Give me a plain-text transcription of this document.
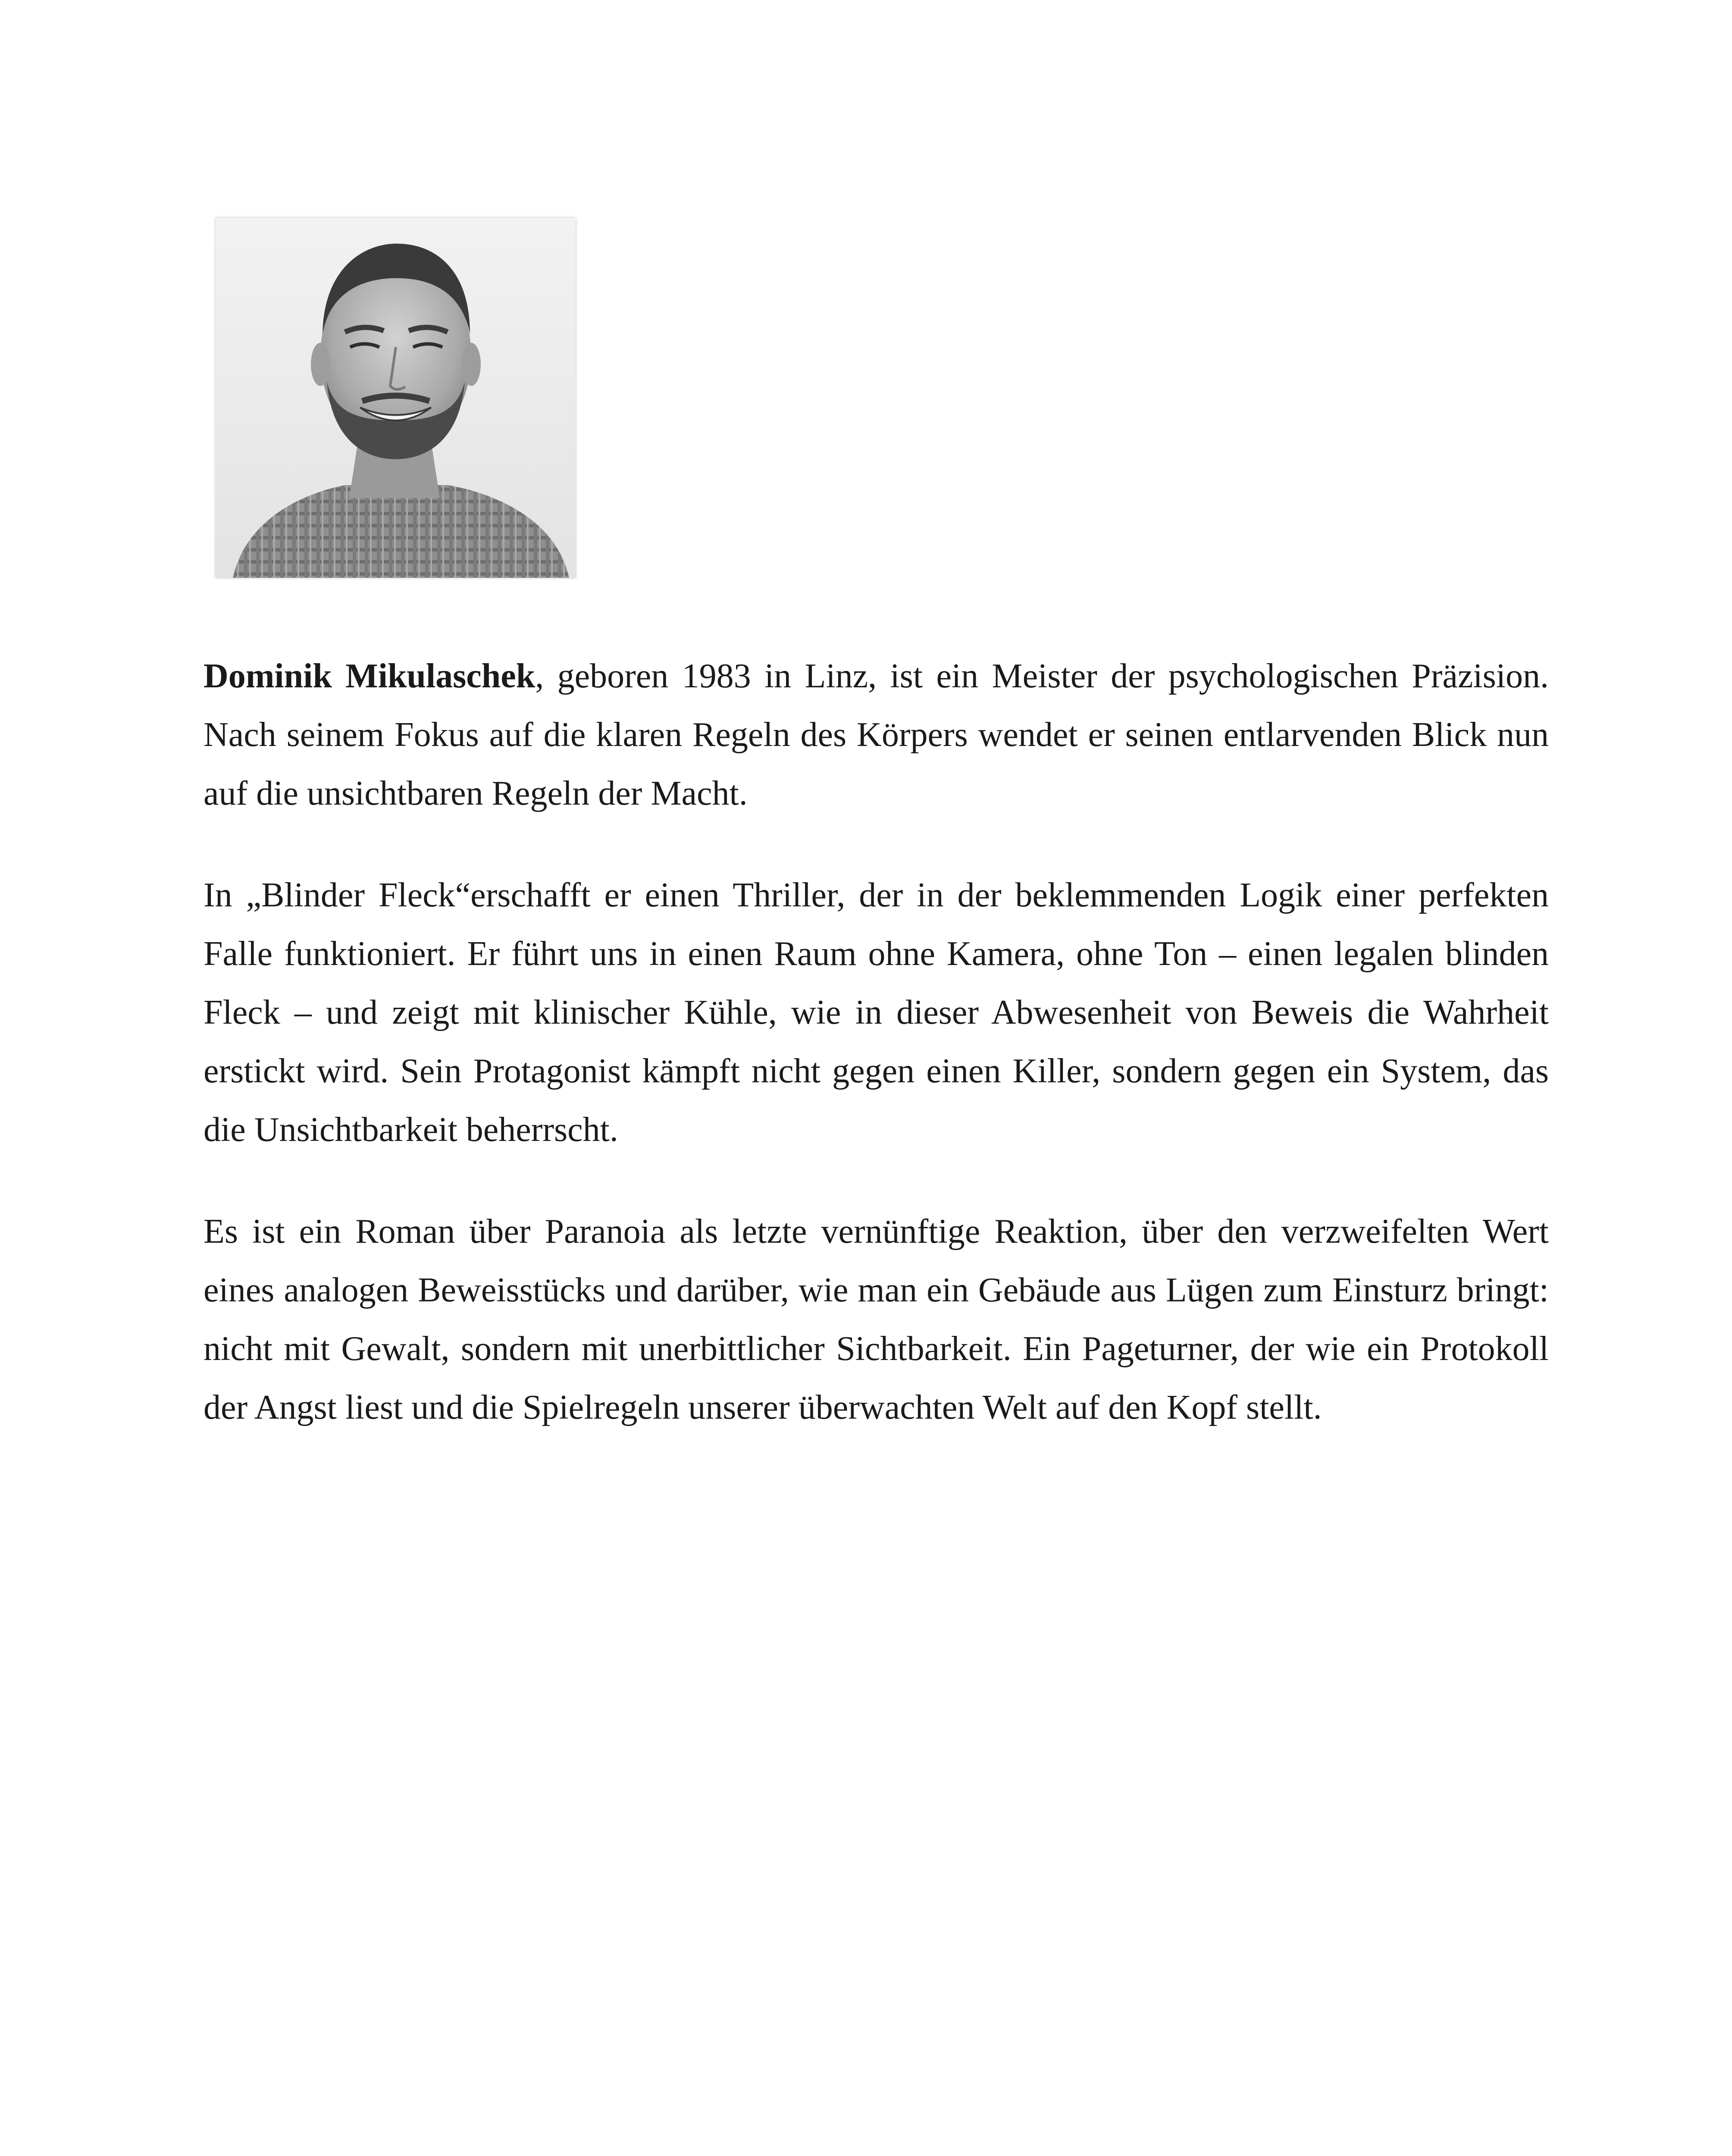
Dominik Mikulaschek, geboren 1983 in Linz, ist ein Meister der psychologischen Präzision. Nach seinem Fokus auf die klaren Regeln des Körpers wendet er seinen entlarvenden Blick nun auf die unsichtbaren Regeln der Macht.

In „Blinder Fleck“erschafft er einen Thriller, der in der beklemmenden Logik einer perfekten Falle funktioniert. Er führt uns in einen Raum ohne Kamera, ohne Ton – einen legalen blinden Fleck – und zeigt mit klinischer Kühle, wie in dieser Abwesenheit von Beweis die Wahrheit erstickt wird. Sein Protagonist kämpft nicht gegen einen Killer, sondern gegen ein System, das die Unsichtbarkeit beherrscht.

Es ist ein Roman über Paranoia als letzte vernünftige Reaktion, über den verzweifelten Wert eines analogen Beweisstücks und darüber, wie man ein Gebäude aus Lügen zum Einsturz bringt: nicht mit Gewalt, sondern mit unerbittlicher Sichtbarkeit. Ein Pageturner, der wie ein Protokoll der Angst liest und die Spielregeln unserer überwachten Welt auf den Kopf stellt.
